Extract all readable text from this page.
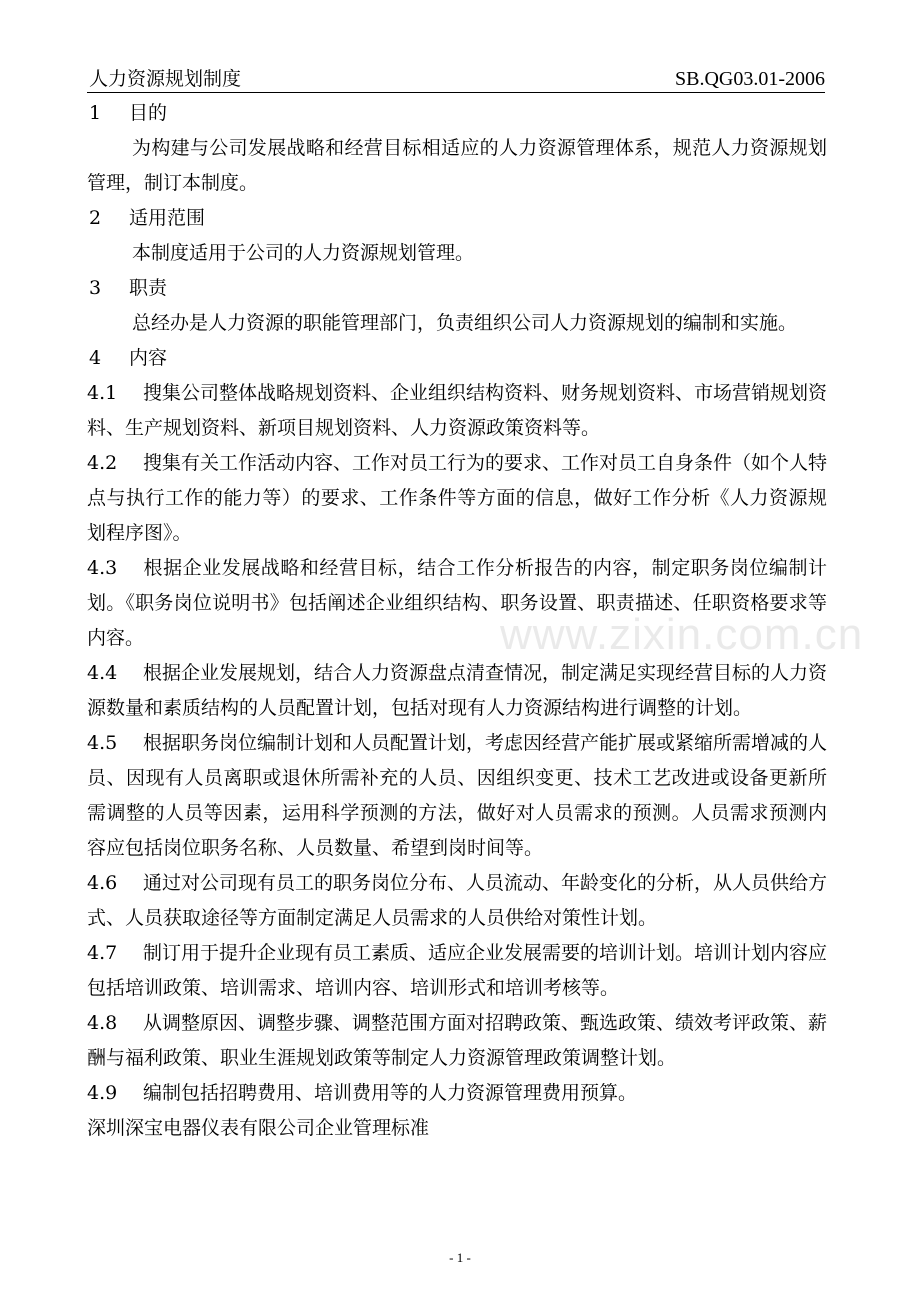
人力资源规划制度	SB.QG03.01-2006
www.zixin.com.cn
1 目的
为构建与公司发展战略和经营目标相适应的人力资源管理体系，规范人力资源规划管理，制订本制度。
2 适用范围
本制度适用于公司的人力资源规划管理。
3 职责
总经办是人力资源的职能管理部门，负责组织公司人力资源规划的编制和实施。
4 内容
4.1 搜集公司整体战略规划资料、企业组织结构资料、财务规划资料、市场营销规划资料、生产规划资料、新项目规划资料、人力资源政策资料等。
4.2 搜集有关工作活动内容、工作对员工行为的要求、工作对员工自身条件（如个人特点与执行工作的能力等）的要求、工作条件等方面的信息，做好工作分析《人力资源规划程序图》。
4.3 根据企业发展战略和经营目标，结合工作分析报告的内容，制定职务岗位编制计划。《职务岗位说明书》包括阐述企业组织结构、职务设置、职责描述、任职资格要求等内容。
4.4 根据企业发展规划，结合人力资源盘点清查情况，制定满足实现经营目标的人力资源数量和素质结构的人员配置计划，包括对现有人力资源结构进行调整的计划。
4.5 根据职务岗位编制计划和人员配置计划，考虑因经营产能扩展或紧缩所需增减的人员、因现有人员离职或退休所需补充的人员、因组织变更、技术工艺改进或设备更新所需调整的人员等因素，运用科学预测的方法，做好对人员需求的预测。人员需求预测内容应包括岗位职务名称、人员数量、希望到岗时间等。
4.6 通过对公司现有员工的职务岗位分布、人员流动、年龄变化的分析，从人员供给方式、人员获取途径等方面制定满足人员需求的人员供给对策性计划。
4.7 制订用于提升企业现有员工素质、适应企业发展需要的培训计划。培训计划内容应包括培训政策、培训需求、培训内容、培训形式和培训考核等。
4.8 从调整原因、调整步骤、调整范围方面对招聘政策、甄选政策、绩效考评政策、薪酬与福利政策、职业生涯规划政策等制定人力资源管理政策调整计划。
4.9 编制包括招聘费用、培训费用等的人力资源管理费用预算。
深圳深宝电器仪表有限公司企业管理标准
- 1 -
